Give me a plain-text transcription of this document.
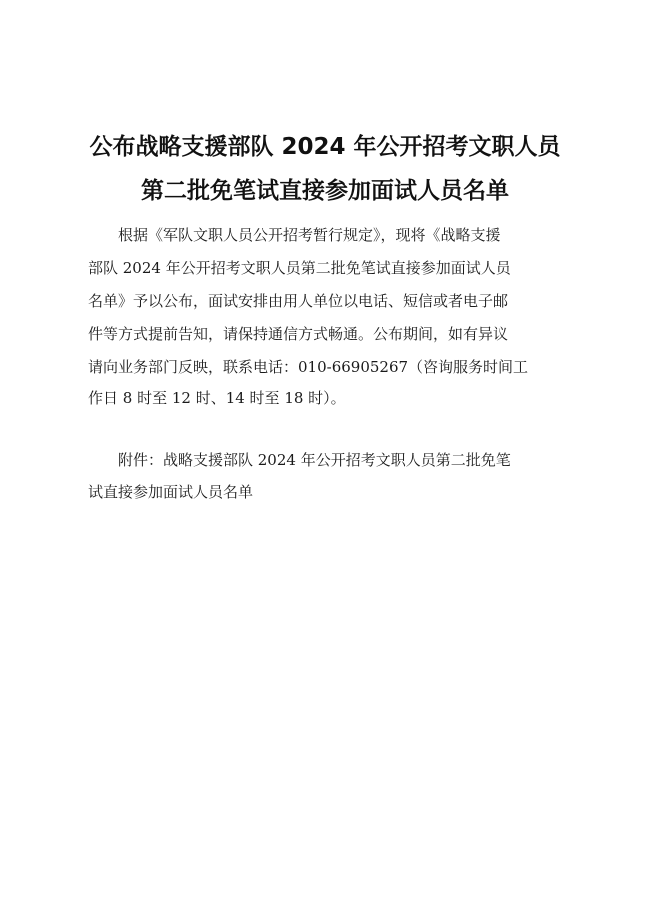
公布战略支援部队 2024 年公开招考文职人员
第二批免笔试直接参加面试人员名单
根据《军队文职人员公开招考暂行规定》，现将《战略支援
部队 2024 年公开招考文职人员第二批免笔试直接参加面试人员
名单》予以公布，面试安排由用人单位以电话、短信或者电子邮
件等方式提前告知，请保持通信方式畅通。公布期间，如有异议
请向业务部门反映，联系电话：010-66905267（咨询服务时间工
作日 8 时至 12 时、14 时至 18 时）。
附件：战略支援部队 2024 年公开招考文职人员第二批免笔
试直接参加面试人员名单
